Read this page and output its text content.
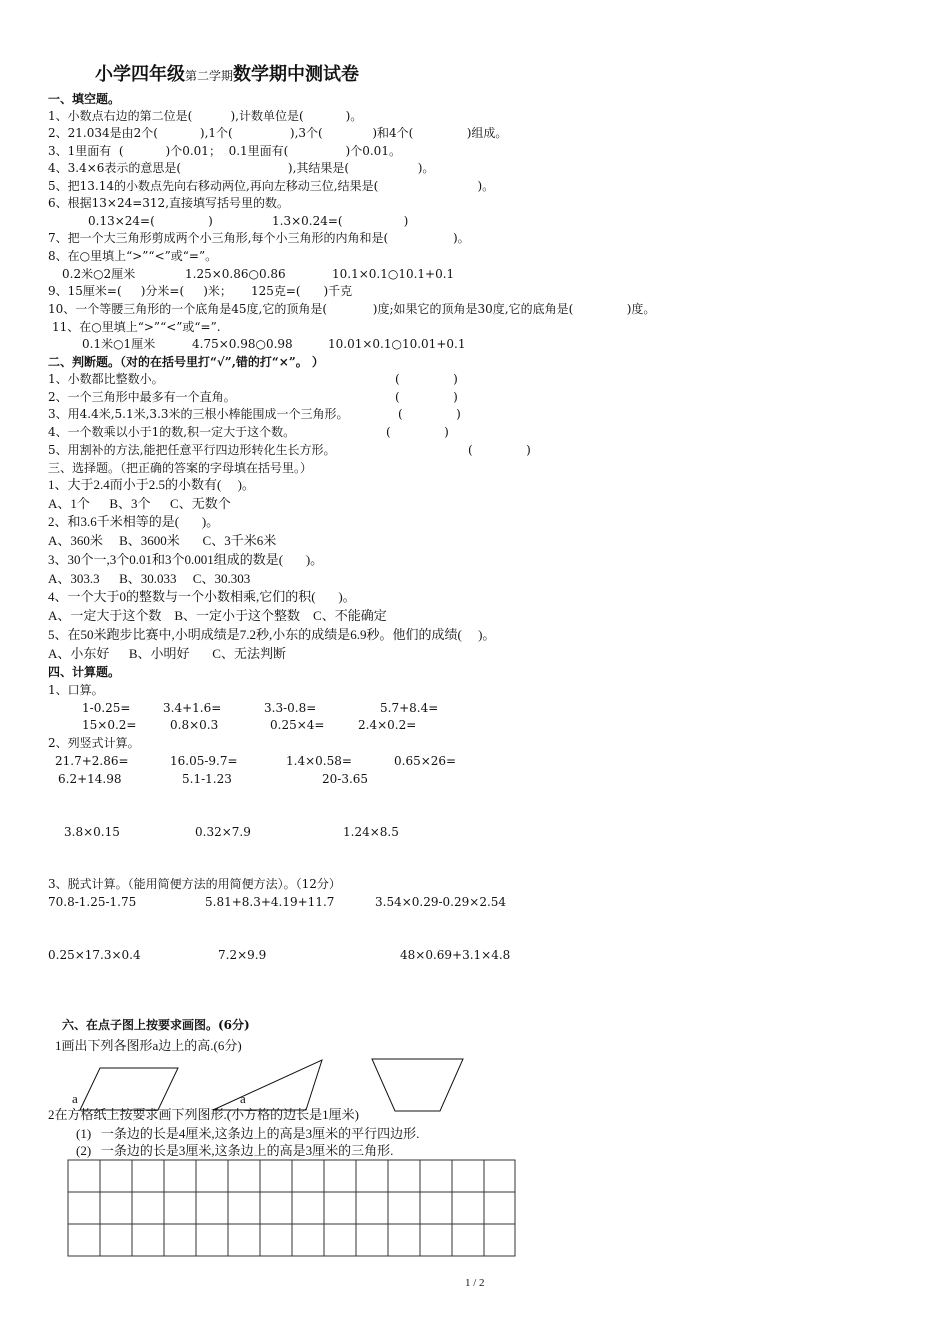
小学四年级第二学期数学期中测试卷
一、填空题。
1、小数点右边的第二位是(          ),计数单位是(           )。
2、21.034是由2个(           ),1个(               ),3个(             )和4个(              )组成。
3、1里面有  (           )个0.01；  0.1里面有(               )个0.01。
4、3.4×6表示的意思是(                            ),其结果是(                  )。
5、把13.14的小数点先向右移动两位,再向左移动三位,结果是(                          )。
6、根据13×24=312,直接填写括号里的数。
0.13×24=(              )	1.3×0.24=(                )
7、把一个大三角形剪成两个小三角形,每个小三角形的内角和是(                 )。
8、在○里填上“>”“<”或“=”。
0.2米○2厘米	1.25×0.86○0.86	10.1×0.1○10.1+0.1
9、15厘米=(     )分米=(     )米；     125克=(      )千克
10、一个等腰三角形的一个底角是45度,它的顶角是(            )度;如果它的顶角是30度,它的底角是(              )度。
11、在○里填上“>”“<”或“=”.
0.1米○1厘米	4.75×0.98○0.98	10.01×0.1○10.01+0.1
二、判断题。（对的在括号里打“√”,错的打“×”。 ）
1、小数都比整数小。	(              )
2、一个三角形中最多有一个直角。	(              )
3、用4.4米,5.1米,3.3米的三根小棒能围成一个三角形。	(              )
4、一个数乘以小于1的数,积一定大于这个数。	(              )
5、用割补的方法,能把任意平行四边形转化生长方形。	(              )
三、选择题。（把正确的答案的字母填在括号里。）
1、大于2.4而小于2.5的小数有(     )。
A、1个      B、3个      C、无数个
2、和3.6千米相等的是(       )。
A、360米     B、3600米       C、3千米6米
3、30个一,3个0.01和3个0.001组成的数是(       )。
A、303.3      B、30.033     C、30.303
4、一个大于0的整数与一个小数相乘,它们的积(       )。
A、一定大于这个数    B、一定小于这个整数    C、不能确定
5、在50米跑步比赛中,小明成绩是7.2秒,小东的成绩是6.9秒。他们的成绩(     )。
A、小东好      B、小明好       C、无法判断
四、计算题。
1、口算。
1-0.25=	3.4+1.6=	3.3-0.8=	5.7+8.4=
15×0.2=	0.8×0.3	0.25×4=	2.4×0.2=
2、列竖式计算。
21.7+2.86=	16.05-9.7=	1.4×0.58=	0.65×26=
6.2+14.98	5.1-1.23	20-3.65
3.8×0.15	0.32×7.9	1.24×8.5
3、脱式计算。（能用简便方法的用简便方法）。（12分）
70.8-1.25-1.75	5.81+8.3+4.19+11.7	3.54×0.29-0.29×2.54
0.25×17.3×0.4	7.2×9.9	48×0.69+3.1×4.8
六、在点子图上按要求画图。(6分)
1画出下列各图形a边上的高.(6分)
a	a
2在方格纸上按要求画下列图形.(小方格的边长是1厘米)
(1)   一条边的长是4厘米,这条边上的高是3厘米的平行四边形.
(2)   一条边的长是3厘米,这条边上的高是3厘米的三角形.
1 / 2
